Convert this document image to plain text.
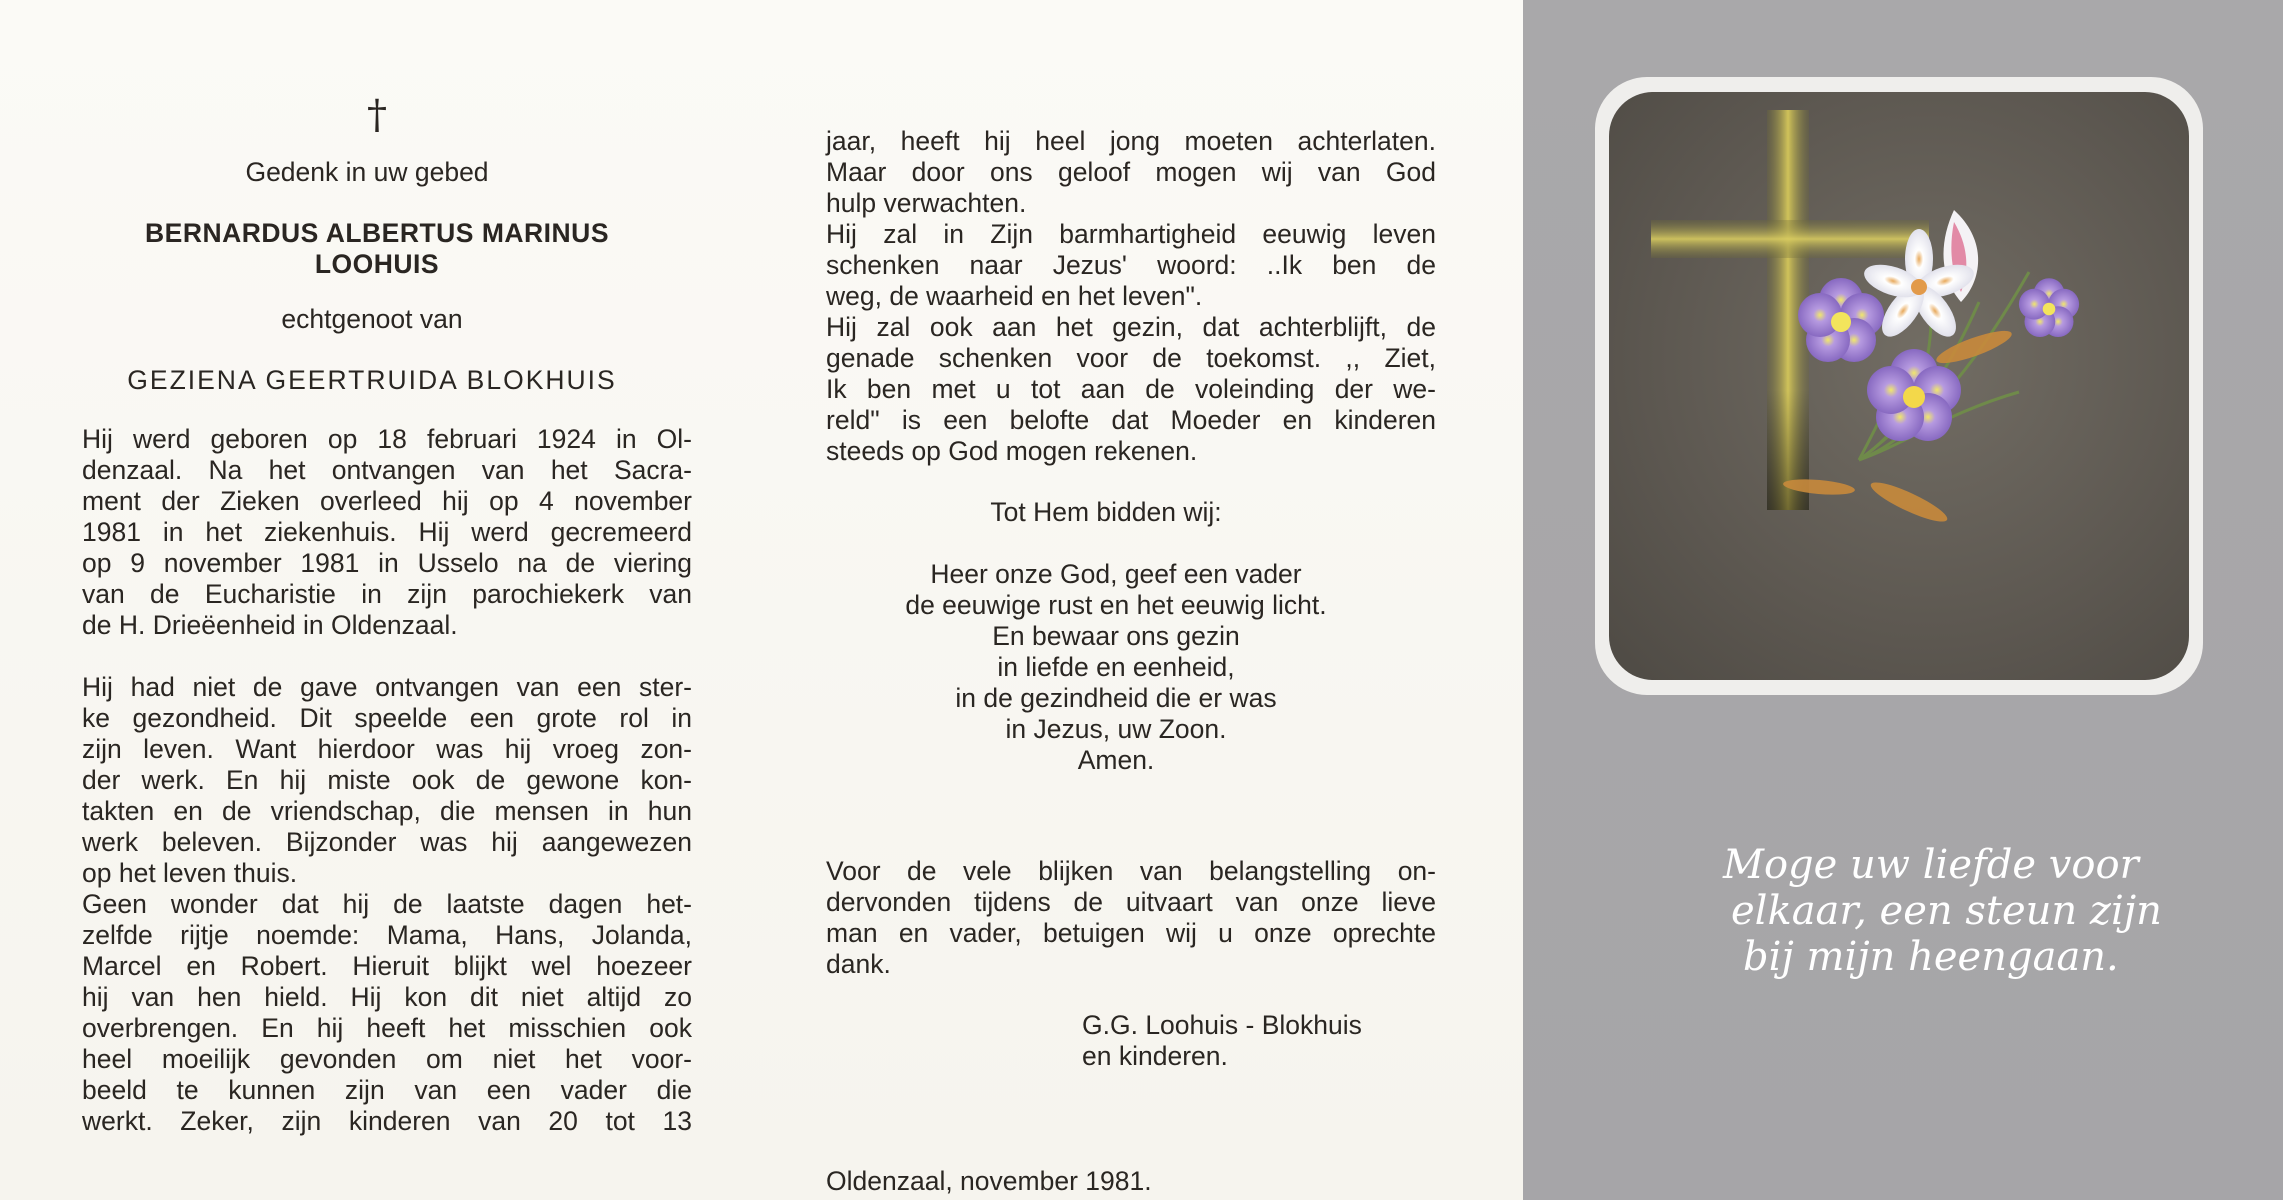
†
Gedenk in uw gebed
BERNARDUS ALBERTUS MARINUS
LOOHUIS
echtgenoot van
GEZIENA GEERTRUIDA BLOKHUIS
Hij werd geboren op 18 februari 1924 in Ol-
denzaal. Na het ontvangen van het Sacra-
ment der Zieken overleed hij op 4 november
1981 in het ziekenhuis. Hij werd gecremeerd
op 9 november 1981 in Usselo na de viering
van de Eucharistie in zijn parochiekerk van
de H. Drieëenheid in Oldenzaal.
Hij had niet de gave ontvangen van een ster-
ke gezondheid. Dit speelde een grote rol in
zijn leven. Want hierdoor was hij vroeg zon-
der werk. En hij miste ook de gewone kon-
takten en de vriendschap, die mensen in hun
werk beleven. Bijzonder was hij aangewezen
op het leven thuis.
Geen wonder dat hij de laatste dagen het-
zelfde rijtje noemde: Mama, Hans, Jolanda,
Marcel en Robert. Hieruit blijkt wel hoezeer
hij van hen hield. Hij kon dit niet altijd zo
overbrengen. En hij heeft het misschien ook
heel moeilijk gevonden om niet het voor-
beeld te kunnen zijn van een vader die
werkt. Zeker, zijn kinderen van 20 tot 13
jaar, heeft hij heel jong moeten achterlaten.
Maar door ons geloof mogen wij van God
hulp verwachten.
Hij zal in Zijn barmhartigheid eeuwig leven
schenken naar Jezus' woord: ..Ik ben de
weg, de waarheid en het leven".
Hij zal ook aan het gezin, dat achterblijft, de
genade schenken voor de toekomst. ,, Ziet,
Ik ben met u tot aan de voleinding der we-
reld" is een belofte dat Moeder en kinderen
steeds op God mogen rekenen.
Tot Hem bidden wij:
Heer onze God, geef een vader
de eeuwige rust en het eeuwig licht.
En bewaar ons gezin
in liefde en eenheid,
in de gezindheid die er was
in Jezus, uw Zoon.
Amen.
Voor de vele blijken van belangstelling on-
dervonden tijdens de uitvaart van onze lieve
man en vader, betuigen wij u onze oprechte
dank.
G.G. Loohuis - Blokhuis
en kinderen.
Oldenzaal, november 1981.
Moge uw liefde voor
elkaar, een steun zijn
bij mijn heengaan.
